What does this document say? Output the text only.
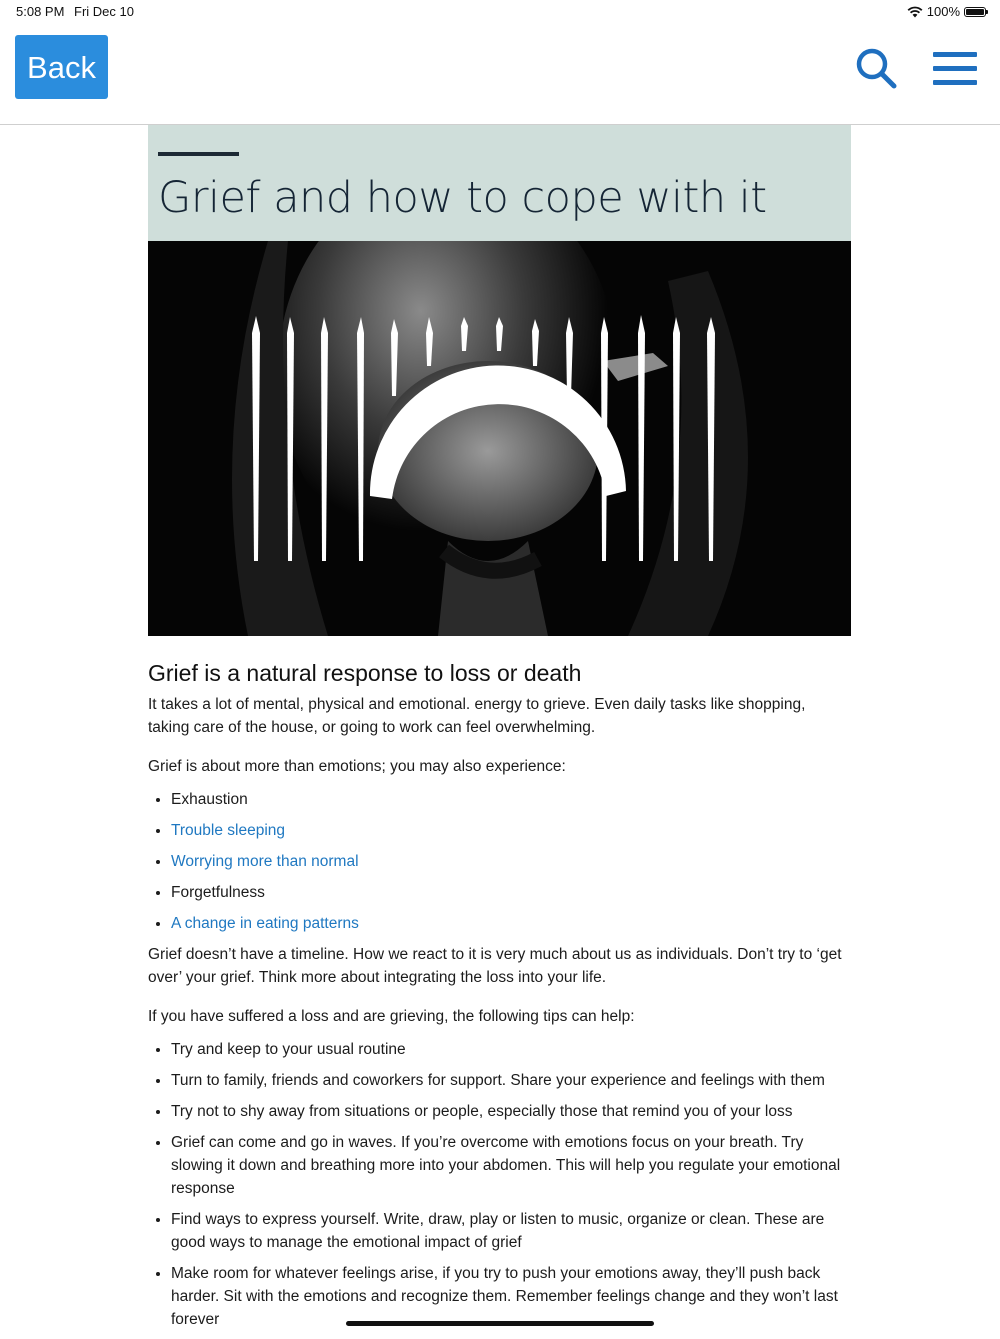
5:08 PM Fri Dec 10	100%
Back
Grief and how to cope with it
Grief is a natural response to loss or death

It takes a lot of mental, physical and emotional. energy to grieve. Even daily tasks like shopping, taking care of the house, or going to work can feel overwhelming.

Grief is about more than emotions; you may also experience:

• Exhaustion
• Trouble sleeping
• Worrying more than normal
• Forgetfulness
• A change in eating patterns

Grief doesn’t have a timeline. How we react to it is very much about us as individuals. Don’t try to ‘get over’ your grief. Think more about integrating the loss into your life.

If you have suffered a loss and are grieving, the following tips can help:

• Try and keep to your usual routine
• Turn to family, friends and coworkers for support. Share your experience and feelings with them
• Try not to shy away from situations or people, especially those that remind you of your loss
• Grief can come and go in waves. If you’re overcome with emotions focus on your breath. Try slowing it down and breathing more into your abdomen. This will help you regulate your emotional response
• Find ways to express yourself. Write, draw, play or listen to music, organize or clean. These are good ways to manage the emotional impact of grief
• Make room for whatever feelings arise, if you try to push your emotions away, they’ll push back harder. Sit with the emotions and recognize them. Remember feelings change and they won’t last forever
